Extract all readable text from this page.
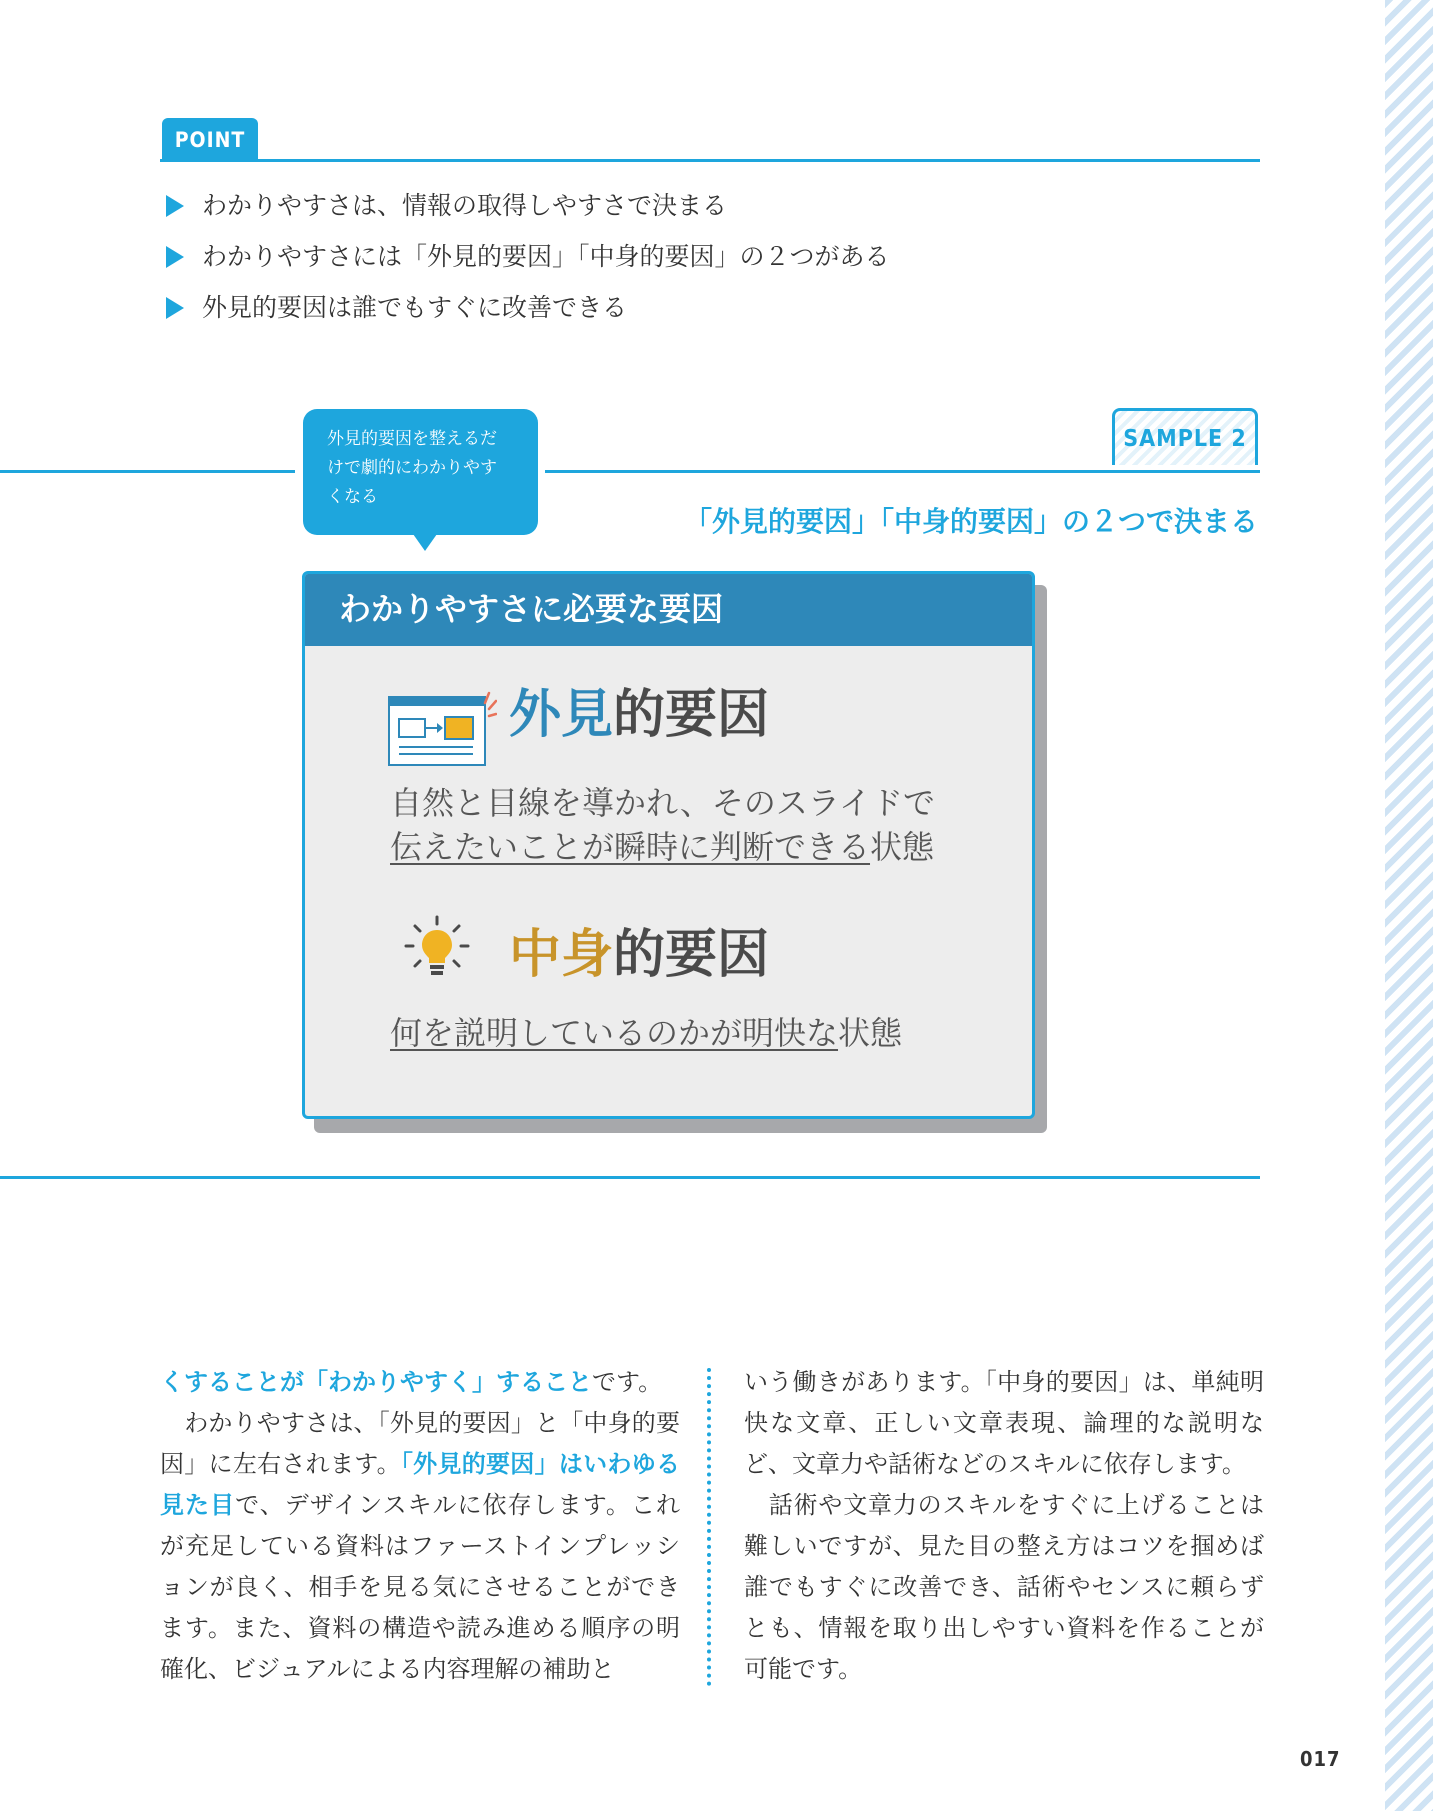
POINT
わかりやすさは、情報の取得しやすさで決まる
わかりやすさには「外見的要因」「中身的要因」の２つがある
外見的要因は誰でもすぐに改善できる
外見的要因を整えるだ
けで劇的にわかりやす
くなる
SAMPLE 2
「外見的要因」「中身的要因」の２つで決まる
わかりやすさに必要な要因
外見的要因
自然と目線を導かれ、そのスライドで
伝えたいことが瞬時に判断できる状態
中身的要因
何を説明しているのかが明快な状態

くすることが「わかりやすく」することです。

　わかりやすさは、「外見的要因」と「中身的要因」に左右されます。「外見的要因」はいわゆる見た目で、デザインスキルに依存します。これが充足している資料はファーストインプレッションが良く、相手を見る気にさせることができます。また、資料の構造や読み進める順序の明確化、ビジュアルによる内容理解の補助と

いう働きがあります。「中身的要因」は、単純明快な文章、正しい文章表現、論理的な説明など、文章力や話術などのスキルに依存します。

　話術や文章力のスキルをすぐに上げることは難しいですが、見た目の整え方はコツを掴めば誰でもすぐに改善でき、話術やセンスに頼らずとも、情報を取り出しやすい資料を作ることが可能です。

017
